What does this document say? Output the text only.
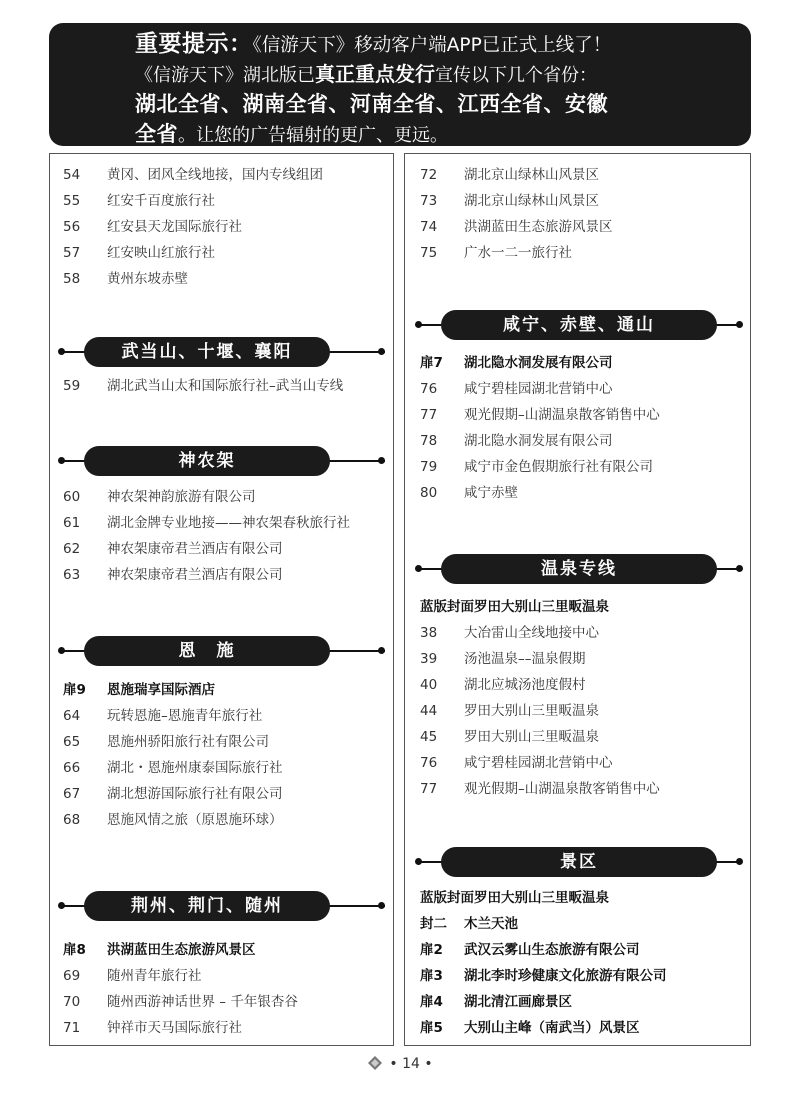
重要提示：《信游天下》移动客户端APP已正式上线了！
《信游天下》湖北版已真正重点发行宣传以下几个省份：
湖北全省、湖南全省、河南全省、江西全省、安徽
全省。让您的广告辐射的更广、更远。
54 黄冈、团风全线地接，国内专线组团
55 红安千百度旅行社
56 红安县天龙国际旅行社
57 红安映山红旅行社
58 黄州东坡赤壁
武当山、十堰、襄阳
59 湖北武当山太和国际旅行社–武当山专线
神农架
60 神农架神韵旅游有限公司
61 湖北金牌专业地接——神农架春秋旅行社
62 神农架康帝君兰酒店有限公司
63 神农架康帝君兰酒店有限公司
恩　施
扉9 恩施瑞享国际酒店
64 玩转恩施–恩施青年旅行社
65 恩施州骄阳旅行社有限公司
66 湖北・恩施州康泰国际旅行社
67 湖北想游国际旅行社有限公司
68 恩施风情之旅（原恩施环球）
荆州、荆门、随州
扉8 洪湖蓝田生态旅游风景区
69 随州青年旅行社
70 随州西游神话世界 – 千年银杏谷
71 钟祥市天马国际旅行社
72 湖北京山绿林山风景区
73 湖北京山绿林山风景区
74 洪湖蓝田生态旅游风景区
75 广水一二一旅行社
咸宁、赤壁、通山
扉7 湖北隐水洞发展有限公司
76 咸宁碧桂园湖北营销中心
77 观光假期–山湖温泉散客销售中心
78 湖北隐水洞发展有限公司
79 咸宁市金色假期旅行社有限公司
80 咸宁赤壁
温泉专线
蓝版封面罗田大别山三里畈温泉
38 大冶雷山全线地接中心
39 汤池温泉––温泉假期
40 湖北应城汤池度假村
44 罗田大别山三里畈温泉
45 罗田大别山三里畈温泉
76 咸宁碧桂园湖北营销中心
77 观光假期–山湖温泉散客销售中心
景区
蓝版封面罗田大别山三里畈温泉
封二 木兰天池
扉2 武汉云雾山生态旅游有限公司
扉3 湖北李时珍健康文化旅游有限公司
扉4 湖北清江画廊景区
扉5 大别山主峰（南武当）风景区
• 14 •
